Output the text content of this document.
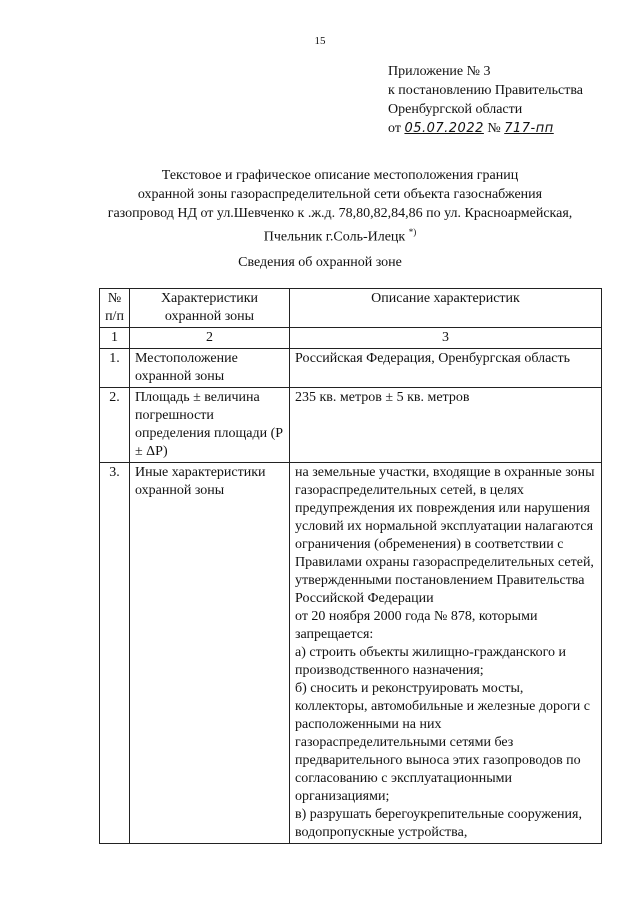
15
Приложение № 3
к постановлению Правительства
Оренбургской области
от 05.07.2022 № 717-пп
Текстовое и графическое описание местоположения границ
охранной зоны газораспределительной сети объекта газоснабжения
газопровод НД от ул.Шевченко к .ж.д. 78,80,82,84,86 по ул. Красноармейская,
Пчельник г.Соль-Илецк *)
Сведения об охранной зоне
№ п/п	Характеристики охранной зоны	Описание характеристик
1	2	3
1.	Местоположение охранной зоны	Российская Федерация, Оренбургская область
2.	Площадь ± величина погрешности определения площади (P ± ΔP)	235 кв. метров ± 5 кв. метров
3.	Иные характеристики охранной зоны	на земельные участки, входящие в охранные зоны газораспределительных сетей, в целях предупреждения их повреждения или нарушения условий их нормальной эксплуатации налагаются ограничения (обременения) в соответствии с Правилами охраны газораспределительных сетей, утвержденными постановлением Правительства Российской Федерации
от 20 ноября 2000 года № 878, которыми запрещается:
а) строить объекты жилищно-гражданского и производственного назначения;
б) сносить и реконструировать мосты, коллекторы, автомобильные и железные дороги с расположенными на них газораспределительными сетями без предварительного выноса этих газопроводов по согласованию с эксплуатационными организациями;
в) разрушать берегоукрепительные сооружения, водопропускные устройства,
